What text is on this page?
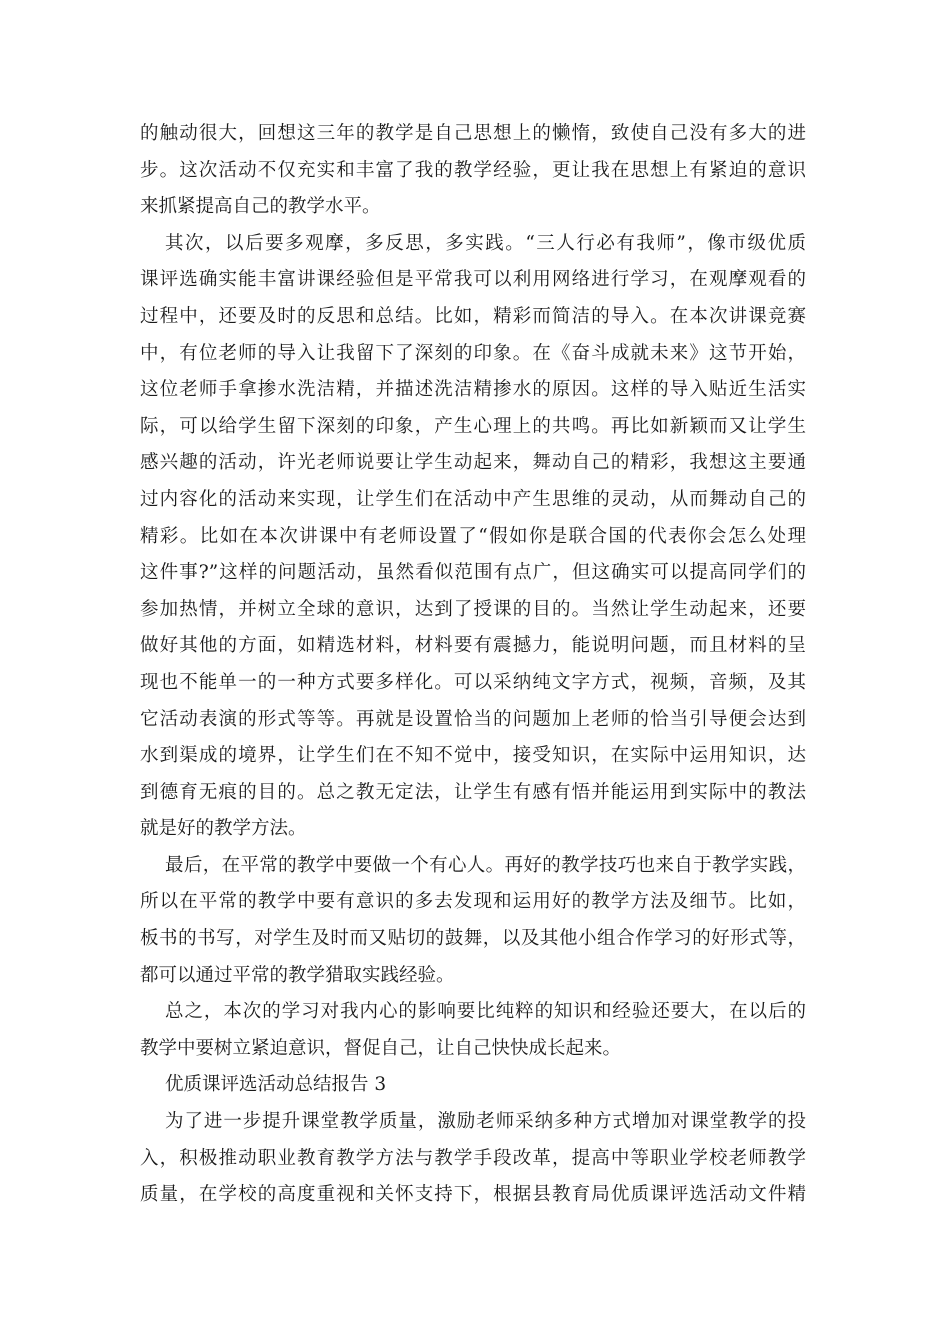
的触动很大，回想这三年的教学是自己思想上的懒惰，致使自己没有多大的进
步。这次活动不仅充实和丰富了我的教学经验，更让我在思想上有紧迫的意识
来抓紧提高自己的教学水平。
其次，以后要多观摩，多反思，多实践。“三人行必有我师”，像市级优质
课评选确实能丰富讲课经验但是平常我可以利用网络进行学习，在观摩观看的
过程中，还要及时的反思和总结。比如，精彩而简洁的导入。在本次讲课竞赛
中，有位老师的导入让我留下了深刻的印象。在《奋斗成就未来》这节开始，
这位老师手拿掺水洗洁精，并描述洗洁精掺水的原因。这样的导入贴近生活实
际，可以给学生留下深刻的印象，产生心理上的共鸣。再比如新颖而又让学生
感兴趣的活动，许光老师说要让学生动起来，舞动自己的精彩，我想这主要通
过内容化的活动来实现，让学生们在活动中产生思维的灵动，从而舞动自己的
精彩。比如在本次讲课中有老师设置了“假如你是联合国的代表你会怎么处理
这件事?”这样的问题活动，虽然看似范围有点广，但这确实可以提高同学们的
参加热情，并树立全球的意识，达到了授课的目的。当然让学生动起来，还要
做好其他的方面，如精选材料，材料要有震撼力，能说明问题，而且材料的呈
现也不能单一的一种方式要多样化。可以采纳纯文字方式，视频，音频，及其
它活动表演的形式等等。再就是设置恰当的问题加上老师的恰当引导便会达到
水到渠成的境界，让学生们在不知不觉中，接受知识，在实际中运用知识，达
到德育无痕的目的。总之教无定法，让学生有感有悟并能运用到实际中的教法
就是好的教学方法。
最后，在平常的教学中要做一个有心人。再好的教学技巧也来自于教学实践，
所以在平常的教学中要有意识的多去发现和运用好的教学方法及细节。比如，
板书的书写，对学生及时而又贴切的鼓舞，以及其他小组合作学习的好形式等，
都可以通过平常的教学猎取实践经验。
总之，本次的学习对我内心的影响要比纯粹的知识和经验还要大，在以后的
教学中要树立紧迫意识，督促自己，让自己快快成长起来。
优质课评选活动总结报告 3
为了进一步提升课堂教学质量，激励老师采纳多种方式增加对课堂教学的投
入，积极推动职业教育教学方法与教学手段改革，提高中等职业学校老师教学
质量，在学校的高度重视和关怀支持下，根据县教育局优质课评选活动文件精
